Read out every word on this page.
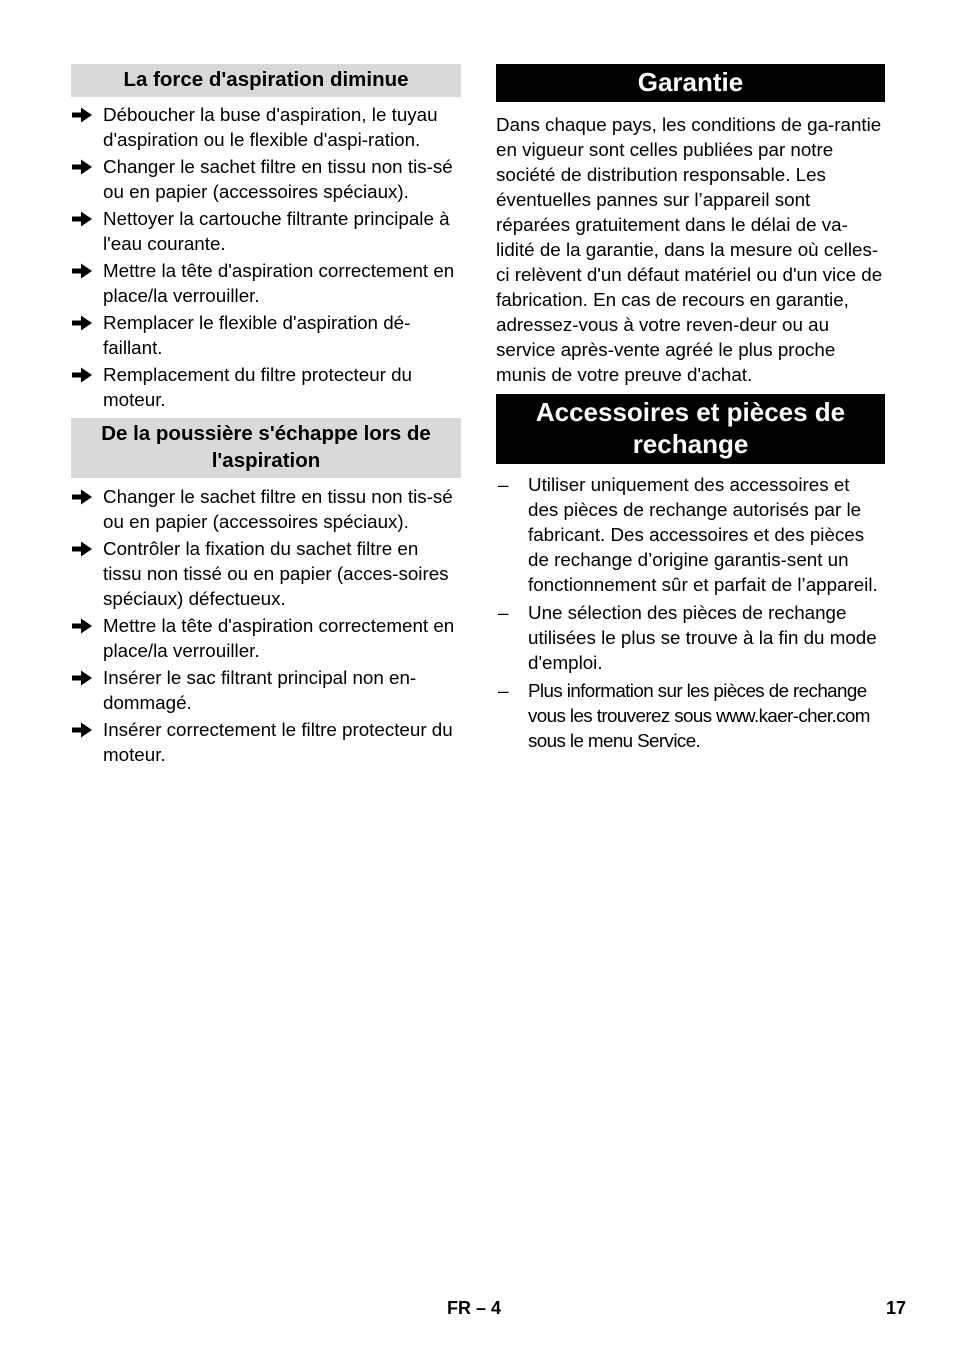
La force d'aspiration diminue
Déboucher la buse d'aspiration, le tuyau d'aspiration ou le flexible d'aspi-ration.
Changer le sachet filtre en tissu non tis-sé ou en papier (accessoires spéciaux).
Nettoyer la cartouche filtrante principale à l'eau courante.
Mettre la tête d'aspiration correctement en place/la verrouiller.
Remplacer le flexible d'aspiration dé-faillant.
Remplacement du filtre protecteur du moteur.
De la poussière s'échappe lors de l'aspiration
Changer le sachet filtre en tissu non tis-sé ou en papier (accessoires spéciaux).
Contrôler la fixation du sachet filtre en tissu non tissé ou en papier (acces-soires spéciaux) défectueux.
Mettre la tête d'aspiration correctement en place/la verrouiller.
Insérer le sac filtrant principal non en-dommagé.
Insérer correctement le filtre protecteur du moteur.
Garantie

Dans chaque pays, les conditions de ga-rantie en vigueur sont celles publiées par notre société de distribution responsable. Les éventuelles pannes sur l’appareil sont réparées gratuitement dans le délai de va-lidité de la garantie, dans la mesure où celles-ci relèvent d'un défaut matériel ou d'un vice de fabrication. En cas de recours en garantie, adressez-vous à votre reven-deur ou au service après-vente agréé le plus proche munis de votre preuve d'achat.

Accessoires et pièces de rechange
– Utiliser uniquement des accessoires et des pièces de rechange autorisés par le fabricant. Des accessoires et des pièces de rechange d’origine garantis-sent un fonctionnement sûr et parfait de l’appareil.
– Une sélection des pièces de rechange utilisées le plus se trouve à la fin du mode d'emploi.
– Plus information sur les pièces de rechange vous les trouverez sous www.kaer-cher.com sous le menu Service.
FR – 4	17
